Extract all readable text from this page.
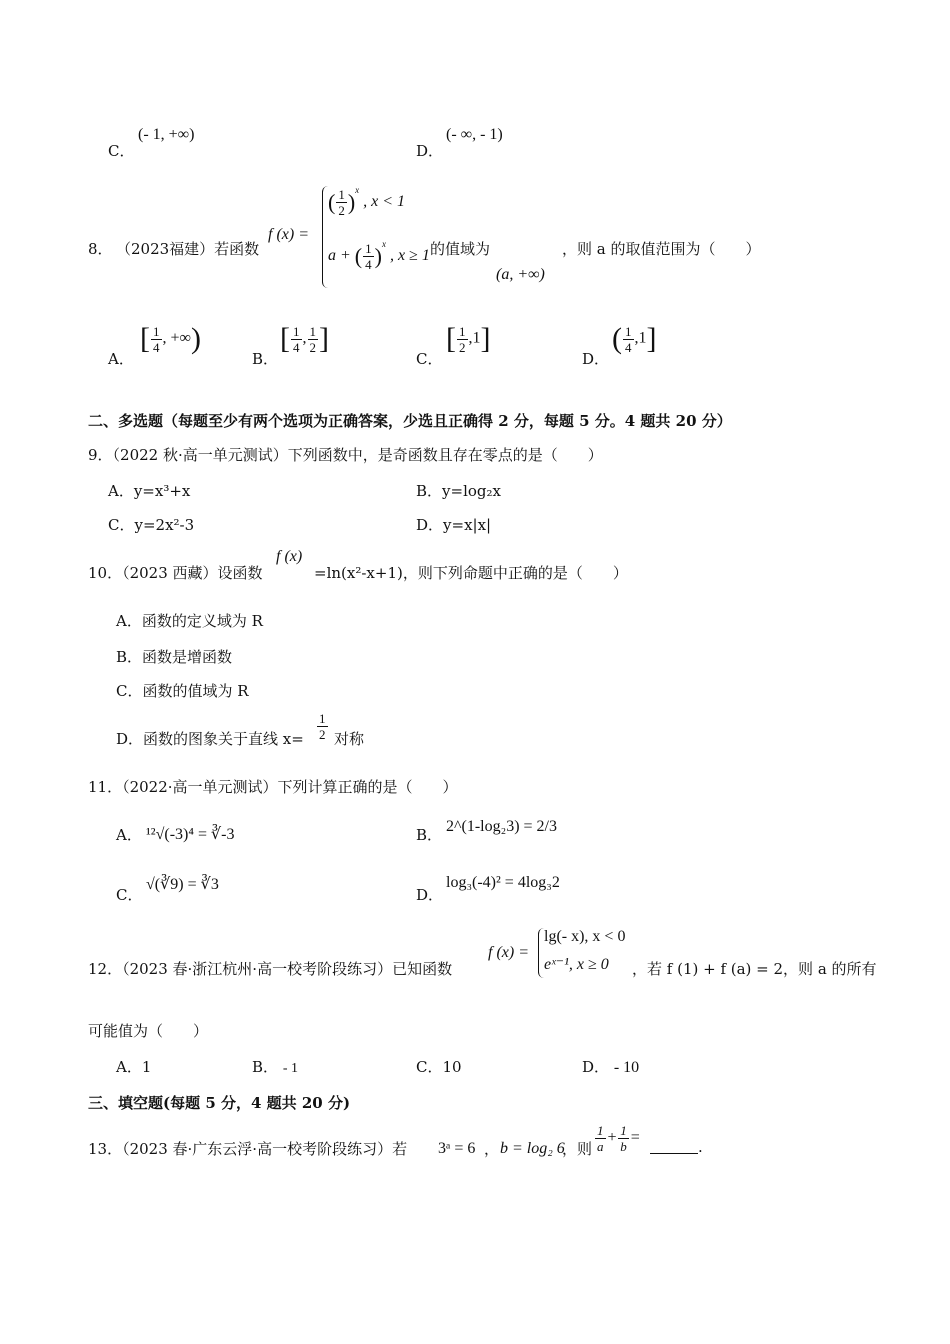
C．
(- 1, +∞)
D．
(- ∞, - 1)
8． （2023福建）若函数
f (x) =
( $\frac{1}{2} )^x$ , x < 1
a + ( $\frac{1}{4} )^x$ , x ≥ 1 的值域为
(a, +∞)
，则 a 的取值范围为（　　）
A．
[ $\frac{1}{4}$ , +∞)
B．
[ $\frac{1}{4}$ , $\frac{1}{2}$ ]
C．
[ $\frac{1}{2} ,1$]
D．
( $\frac{1}{4} ,1$]
二、多选题（每题至少有两个选项为正确答案，少选且正确得 2 分，每题 5 分。4 题共 20 分）
9．（2022 秋·高一单元测试）下列函数中，是奇函数且存在零点的是（　　）
A．y=x³+x	B．y=log₂x
C．y=2x²-3	D．y=x|x|
10．（2023 西藏）设函数
f (x)
=ln(x²-x+1)，则下列命题中正确的是（　　）
A．函数的定义域为 R
B．函数是增函数
C．函数的值域为 R
D．函数的图象关于直线 $x= \frac{1}{2}$ 对称
11．（2022·高一单元测试）下列计算正确的是（　　）
A． ¹²√(-3)⁴ = ∛-3	B． 2^(1-log₂3) = 2/3
C．
√(∛9) = ∛3
D．
log₃(-4)² = 4log₃2
12．（2023 春·浙江杭州·高一校考阶段练习）已知函数
f (x) =
lg(- x), x < 0
eˣ⁻¹, x ≥ 0 ，若 f (1) + f (a) = 2，则 a 的所有
可能值为（　　）
A．1	B． - 1	C．10	D． - 10
三、填空题(每题 5 分，4 题共 20 分)
13．（2023 春·广东云浮·高一校考阶段练习）若 3ᵃ = 6 ， b = log₂ 6
，则 $\frac{1}{a} + \frac{1}{b}$ =
.
